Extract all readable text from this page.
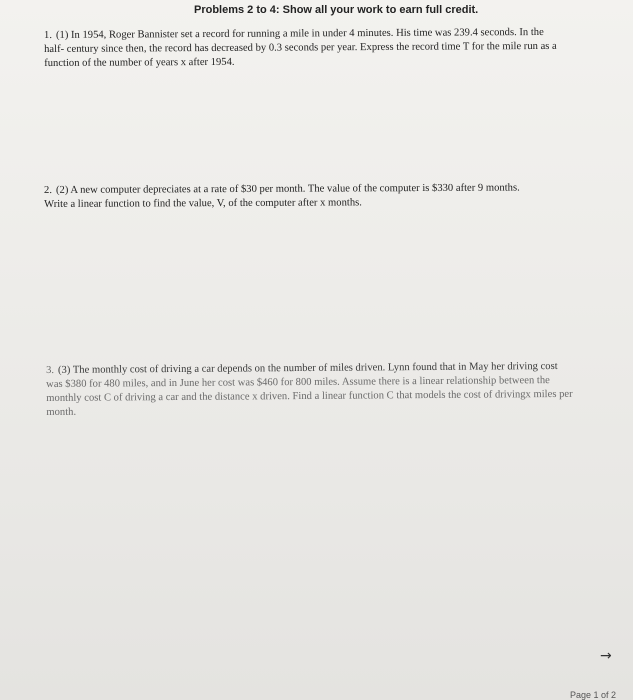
Problems 2 to 4: Show all your work to earn full credit.

1. (1) In 1954, Roger Bannister set a record for running a mile in under 4 minutes. His time was 239.4 seconds. In the

half- century since then, the record has decreased by 0.3 seconds per year. Express the record time T for the mile run as a

function of the number of years x after 1954.

2. (2) A new computer depreciates at a rate of $30 per month. The value of the computer is $330 after 9 months.

Write a linear function to find the value, V, of the computer after x months.

3. (3) The monthly cost of driving a car depends on the number of miles driven. Lynn found that in May her driving cost

was $380 for 480 miles, and in June her cost was $460 for 800 miles. Assume there is a linear relationship between the

monthly cost C of driving a car and the distance x driven. Find a linear function C that models the cost of drivingx miles per

month.

→
Page 1 of 2
